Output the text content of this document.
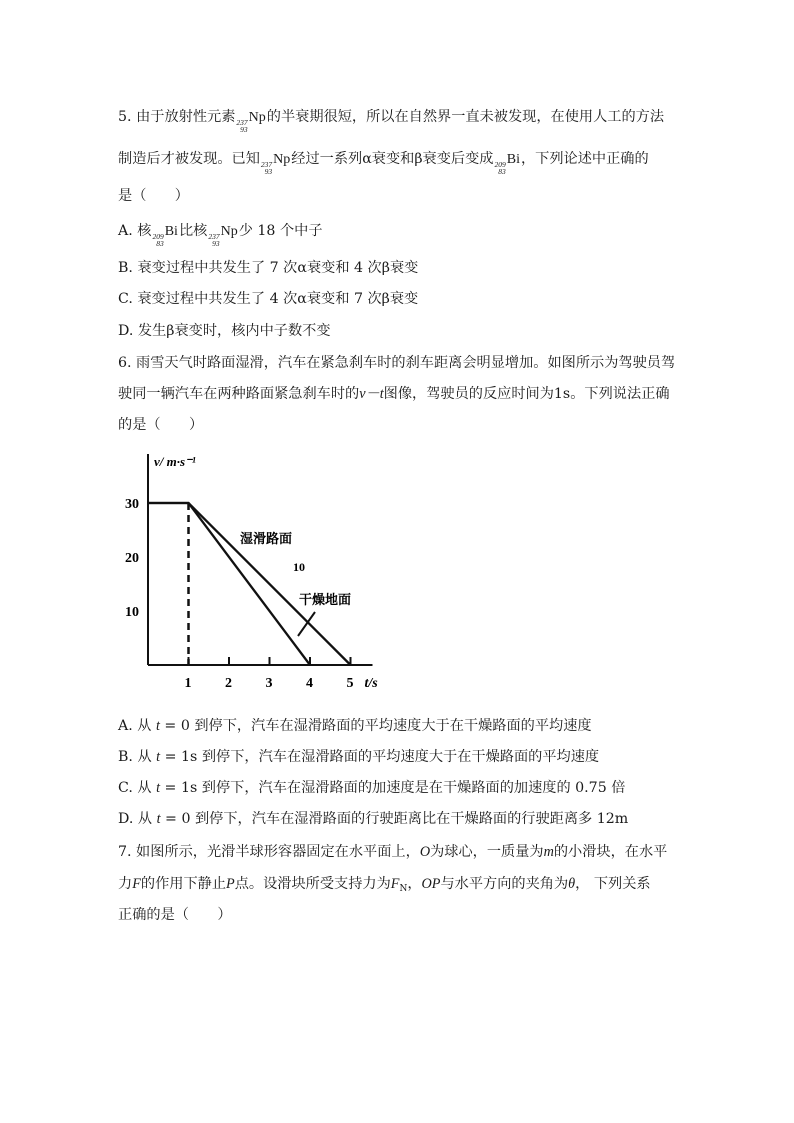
5. 由于放射性元素 237
93
Np的半衰期很短，所以在自然界一直未被发现，在使用人工的方法
制造后才被发现。已知 237
93
Np经过一系列α衰变和β衰变后变成 209
83
Bi，下列论述中正确的
是（　　）
A. 核 209
83
Bi比核 237
93
Np少 18 个中子
B. 衰变过程中共发生了 7 次α衰变和 4 次β衰变
C. 衰变过程中共发生了 4 次α衰变和 7 次β衰变
D. 发生β衰变时，核内中子数不变
6. 雨雪天气时路面湿滑，汽车在紧急刹车时的刹车距离会明显增加。如图所示为驾驶员驾
驶同一辆汽车在两种路面紧急刹车时的v－t图像，驾驶员的反应时间为1s。下列说法正确
的是（　　）
v/ m·s⁻¹
t/s
1 2 3 4 5
10
20
30
湿滑路面
10
干燥地面
A. 从 t = 0 到停下，汽车在湿滑路面的平均速度大于在干燥路面的平均速度
B. 从 t = 1s 到停下，汽车在湿滑路面的平均速度大于在干燥路面的平均速度
C. 从 t = 1s 到停下，汽车在湿滑路面的加速度是在干燥路面的加速度的 0.75 倍
D. 从 t = 0 到停下，汽车在湿滑路面的行驶距离比在干燥路面的行驶距离多 12m
7. 如图所示，光滑半球形容器固定在水平面上，O为球心，一质量为m的小滑块，在水平
力F的作用下静止P点。设滑块所受支持力为$F_N$，OP与水平方向的夹角为θ， 下列关系
正确的是（　　）
